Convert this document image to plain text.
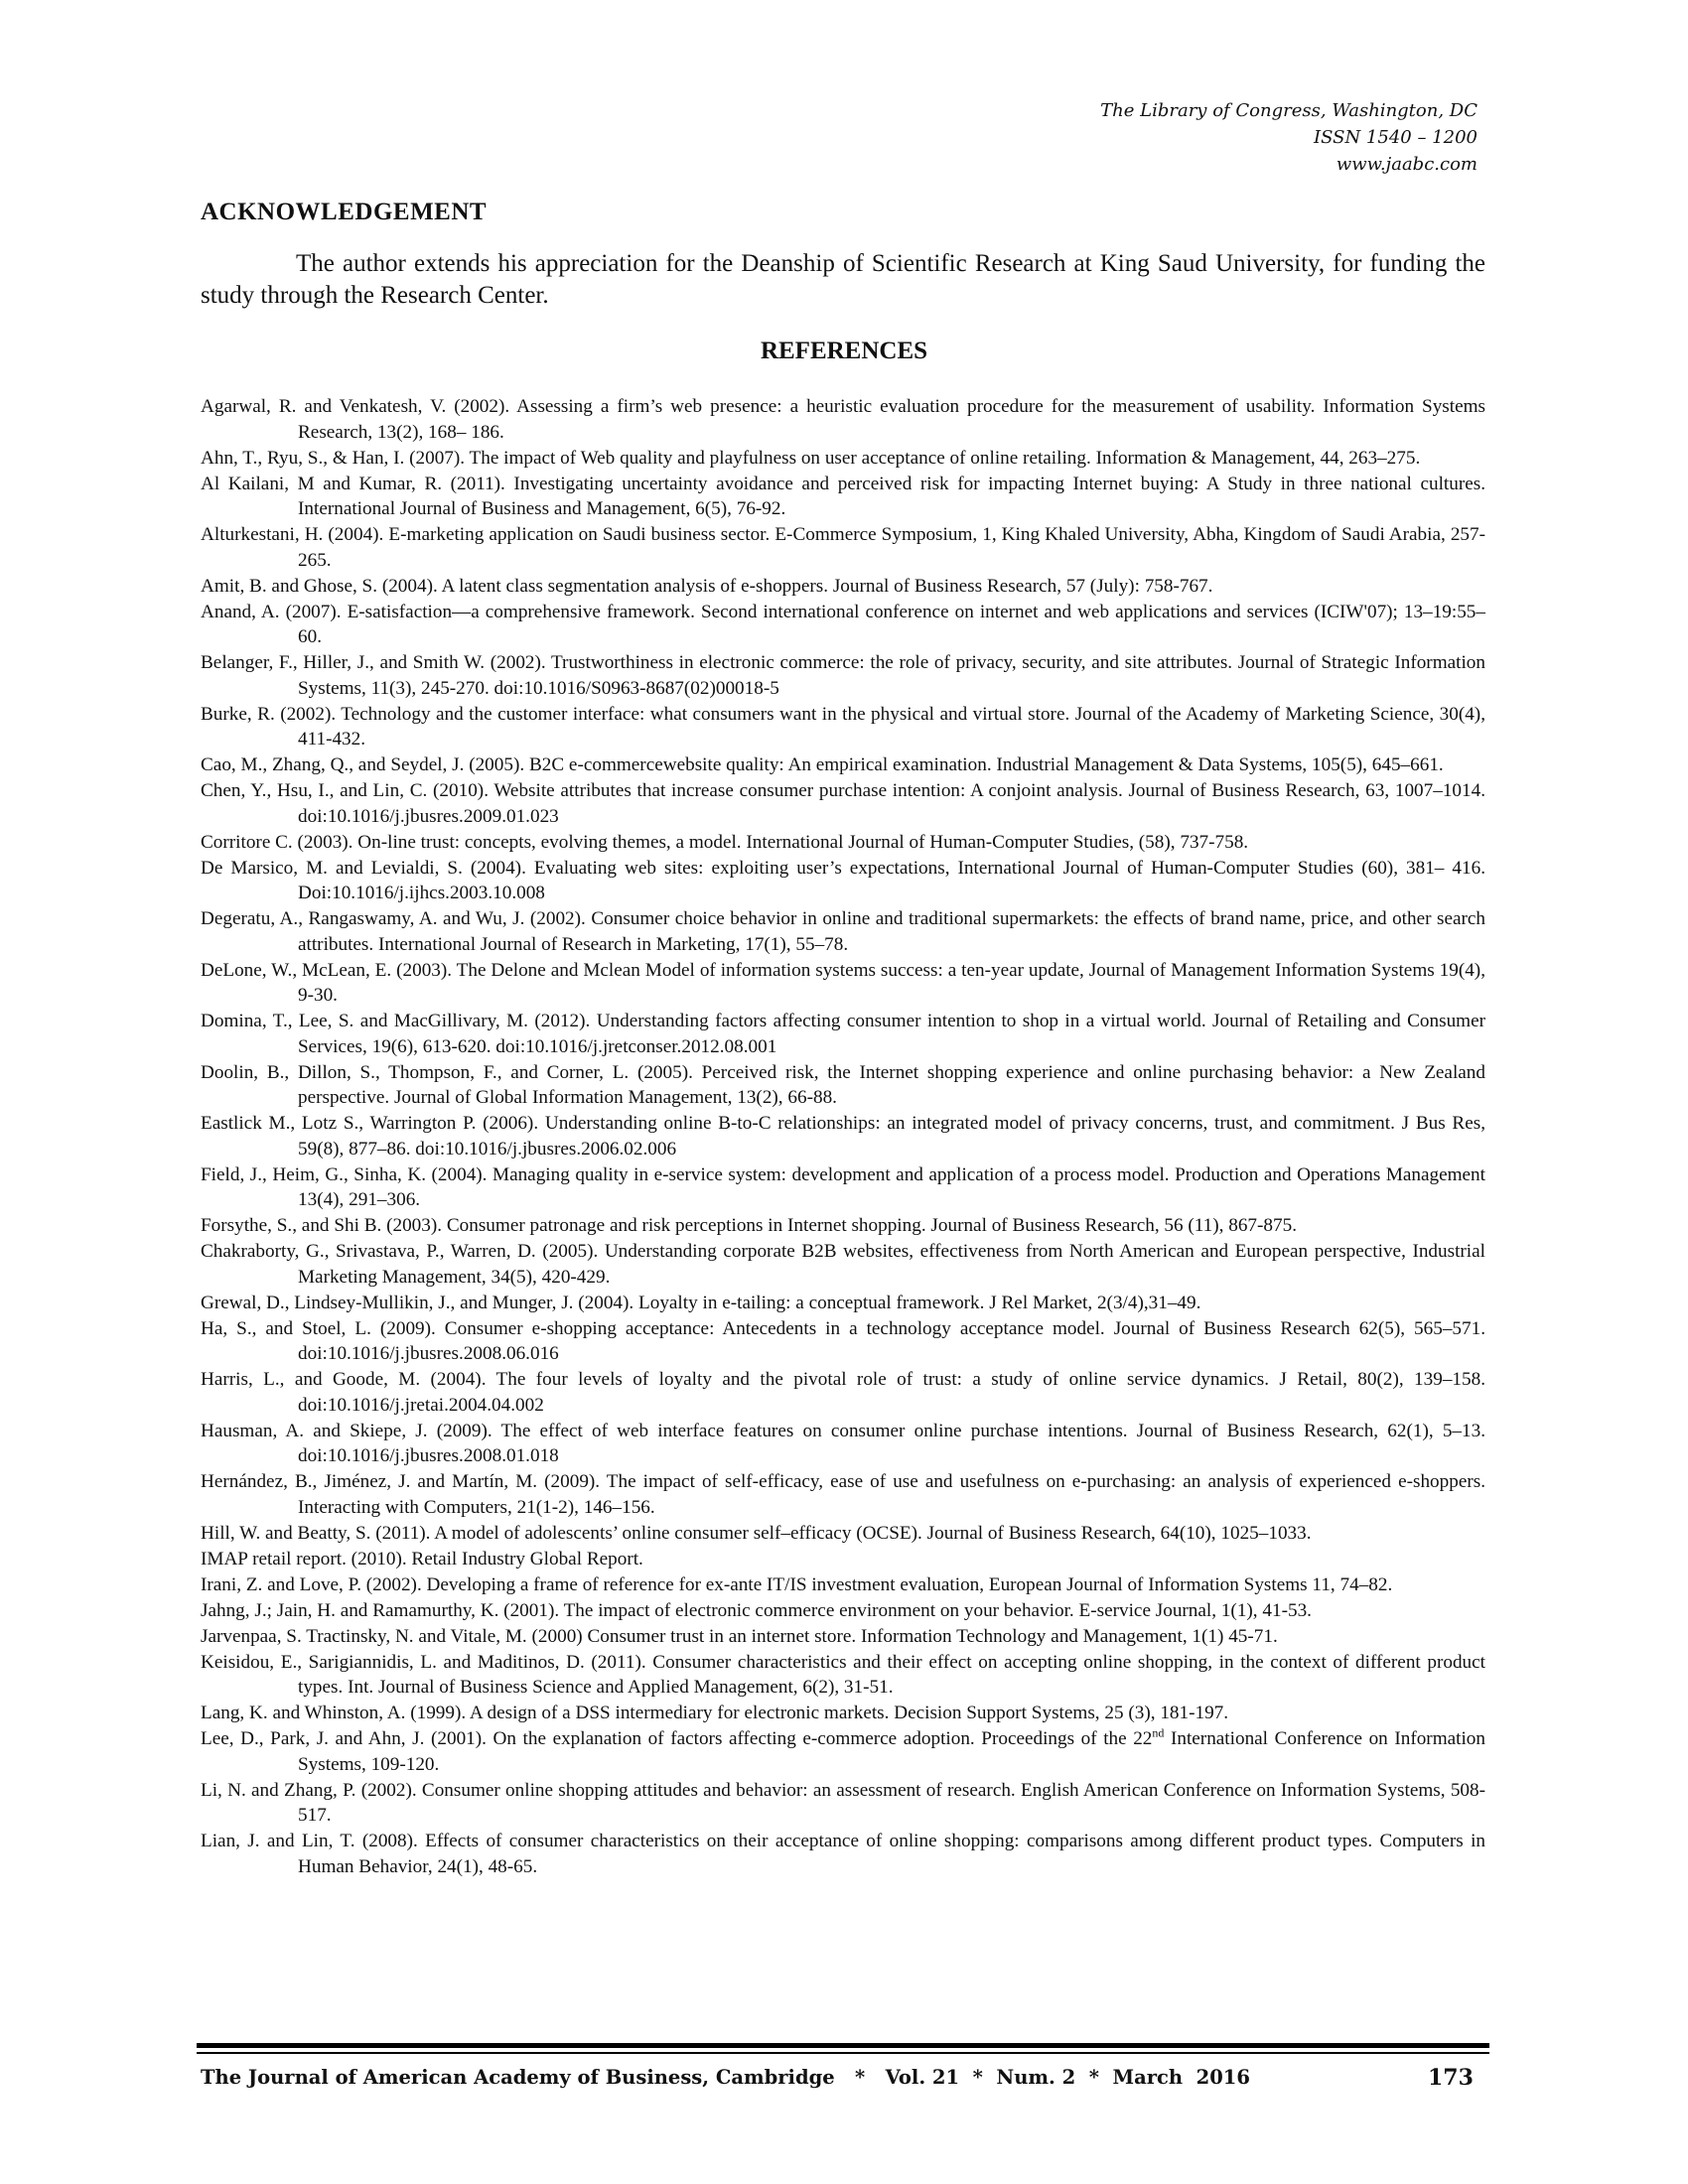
The Library of Congress, Washington, DC
ISSN 1540 – 1200
www.jaabc.com
ACKNOWLEDGEMENT
The author extends his appreciation for the Deanship of Scientific Research at King Saud University, for funding the study through the Research Center.
REFERENCES
Agarwal, R. and Venkatesh, V. (2002). Assessing a firm’s web presence: a heuristic evaluation procedure for the measurement of usability. Information Systems Research, 13(2), 168– 186.
Ahn, T., Ryu, S., & Han, I. (2007). The impact of Web quality and playfulness on user acceptance of online retailing. Information & Management, 44, 263–275.
Al Kailani, M and Kumar, R. (2011). Investigating uncertainty avoidance and perceived risk for impacting Internet buying: A Study in three national cultures. International Journal of Business and Management, 6(5), 76-92.
Alturkestani, H. (2004). E-marketing application on Saudi business sector. E-Commerce Symposium, 1, King Khaled University, Abha, Kingdom of Saudi Arabia, 257-265.
Amit, B. and Ghose, S. (2004). A latent class segmentation analysis of e-shoppers. Journal of Business Research, 57 (July): 758-767.
Anand, A. (2007). E-satisfaction—a comprehensive framework. Second international conference on internet and web applications and services (ICIW'07); 13–19:55–60.
Belanger, F., Hiller, J., and Smith W. (2002). Trustworthiness in electronic commerce: the role of privacy, security, and site attributes. Journal of Strategic Information Systems, 11(3), 245-270. doi:10.1016/S0963-8687(02)00018-5
Burke, R. (2002). Technology and the customer interface: what consumers want in the physical and virtual store. Journal of the Academy of Marketing Science, 30(4), 411-432.
Cao, M., Zhang, Q., and Seydel, J. (2005). B2C e-commercewebsite quality: An empirical examination. Industrial Management & Data Systems, 105(5), 645–661.
Chen, Y., Hsu, I., and Lin, C. (2010). Website attributes that increase consumer purchase intention: A conjoint analysis. Journal of Business Research, 63, 1007–1014. doi:10.1016/j.jbusres.2009.01.023
Corritore C. (2003). On-line trust: concepts, evolving themes, a model. International Journal of Human-Computer Studies, (58), 737-758.
De Marsico, M. and Levialdi, S. (2004). Evaluating web sites: exploiting user’s expectations, International Journal of Human-Computer Studies (60), 381– 416. Doi:10.1016/j.ijhcs.2003.10.008
Degeratu, A., Rangaswamy, A. and Wu, J. (2002). Consumer choice behavior in online and traditional supermarkets: the effects of brand name, price, and other search attributes. International Journal of Research in Marketing, 17(1), 55–78.
DeLone, W., McLean, E. (2003). The Delone and Mclean Model of information systems success: a ten-year update, Journal of Management Information Systems 19(4), 9-30.
Domina, T., Lee, S. and MacGillivary, M. (2012). Understanding factors affecting consumer intention to shop in a virtual world. Journal of Retailing and Consumer Services, 19(6), 613-620. doi:10.1016/j.jretconser.2012.08.001
Doolin, B., Dillon, S., Thompson, F., and Corner, L. (2005). Perceived risk, the Internet shopping experience and online purchasing behavior: a New Zealand perspective. Journal of Global Information Management, 13(2), 66-88.
Eastlick M., Lotz S., Warrington P. (2006). Understanding online B-to-C relationships: an integrated model of privacy concerns, trust, and commitment. J Bus Res, 59(8), 877–86. doi:10.1016/j.jbusres.2006.02.006
Field, J., Heim, G., Sinha, K. (2004). Managing quality in e-service system: development and application of a process model. Production and Operations Management 13(4), 291–306.
Forsythe, S., and Shi B. (2003). Consumer patronage and risk perceptions in Internet shopping. Journal of Business Research, 56 (11), 867-875.
Chakraborty, G., Srivastava, P., Warren, D. (2005). Understanding corporate B2B websites, effectiveness from North American and European perspective, Industrial Marketing Management, 34(5), 420-429.
Grewal, D., Lindsey-Mullikin, J., and Munger, J. (2004). Loyalty in e-tailing: a conceptual framework. J Rel Market, 2(3/4),31–49.
Ha, S., and Stoel, L. (2009). Consumer e-shopping acceptance: Antecedents in a technology acceptance model. Journal of Business Research 62(5), 565–571. doi:10.1016/j.jbusres.2008.06.016
Harris, L., and Goode, M. (2004). The four levels of loyalty and the pivotal role of trust: a study of online service dynamics. J Retail, 80(2), 139–158. doi:10.1016/j.jretai.2004.04.002
Hausman, A. and Skiepe, J. (2009). The effect of web interface features on consumer online purchase intentions. Journal of Business Research, 62(1), 5–13. doi:10.1016/j.jbusres.2008.01.018
Hernández, B., Jiménez, J. and Martín, M. (2009). The impact of self-efficacy, ease of use and usefulness on e-purchasing: an analysis of experienced e-shoppers. Interacting with Computers, 21(1-2), 146–156.
Hill, W. and Beatty, S. (2011). A model of adolescents’ online consumer self–efficacy (OCSE). Journal of Business Research, 64(10), 1025–1033.
IMAP retail report. (2010). Retail Industry Global Report.
Irani, Z. and Love, P. (2002). Developing a frame of reference for ex-ante IT/IS investment evaluation, European Journal of Information Systems 11, 74–82.
Jahng, J.; Jain, H. and Ramamurthy, K. (2001). The impact of electronic commerce environment on your behavior. E-service Journal, 1(1), 41-53.
Jarvenpaa, S. Tractinsky, N. and Vitale, M. (2000) Consumer trust in an internet store. Information Technology and Management, 1(1) 45-71.
Keisidou, E., Sarigiannidis, L. and Maditinos, D. (2011). Consumer characteristics and their effect on accepting online shopping, in the context of different product types. Int. Journal of Business Science and Applied Management, 6(2), 31-51.
Lang, K. and Whinston, A. (1999). A design of a DSS intermediary for electronic markets. Decision Support Systems, 25 (3), 181-197.
Lee, D., Park, J. and Ahn, J. (2001). On the explanation of factors affecting e-commerce adoption. Proceedings of the 22nd International Conference on Information Systems, 109-120.
Li, N. and Zhang, P. (2002). Consumer online shopping attitudes and behavior: an assessment of research. English American Conference on Information Systems, 508-517.
Lian, J. and Lin, T. (2008). Effects of consumer characteristics on their acceptance of online shopping: comparisons among different product types. Computers in Human Behavior, 24(1), 48-65.
The Journal of American Academy of Business, Cambridge   *   Vol. 21  *  Num. 2  *  March  2016	173
